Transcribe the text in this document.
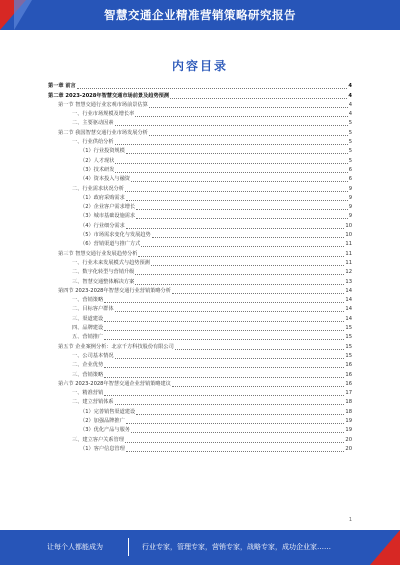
智慧交通企业精准营销策略研究报告
内容目录
第一章 前言	4
第二章 2023-2028年智慧交通市场前景及趋势预测	4
第一节 智慧交通行业宏观市场前景估算	4
一、行业市场规模及增长率	4
二、主要驱动因素	5
第二节 我国智慧交通行业市场发展分析	5
一、行业供给分析	5
（1）行业投资规模	5
（2）人才现状	5
（3）技术研发	6
（4）资本投入与融资	6
二、行业需求状况分析	9
（1）政府采购需求	9
（2）企业客户需求增长	9
（3）城市基础设施需求	9
（4）行业细分需求	10
（5）市场需求变化与发展趋势	10
（6）营销渠道与推广方式	11
第三节 智慧交通行业发展趋势分析	11
一、行业未来发展模式与趋势预测	11
二、数字化转型与营销升级	12
三、智慧交通整体解决方案	13
第四节 2023-2028年智慧交通行业营销策略分析	14
一、营销策略	14
二、目标客户群体	14
三、渠道建设	14
四、品牌建设	15
五、营销推广	15
第五节 企业案例分析：北京千方科技股份有限公司	15
一、公司基本情况	15
二、企业优势	16
三、营销策略	16
第六节 2023-2028年智慧交通企业营销策略建议	16
一、精准营销	17
二、建立营销体系	18
（1）完善销售渠道建设	18
（2）加强品牌推广	19
（3）优化产品与服务	19
三、建立客户关系管理	20
（1）客户信息管理	20
1
让每个人都能成为	行业专家，管理专家，营销专家，战略专家，成功企业家……
